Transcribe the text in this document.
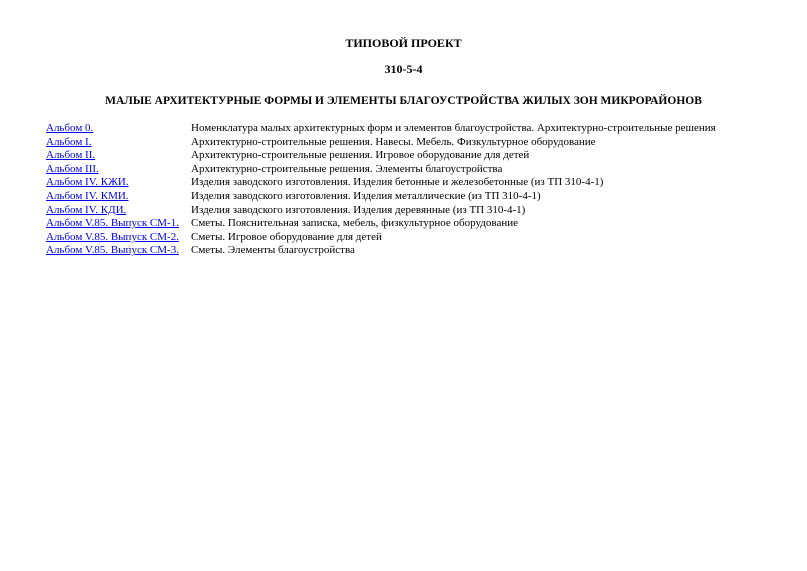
ТИПОВОЙ ПРОЕКТ
310-5-4
МАЛЫЕ АРХИТЕКТУРНЫЕ ФОРМЫ И ЭЛЕМЕНТЫ БЛАГОУСТРОЙСТВА ЖИЛЫХ ЗОН МИКРОРАЙОНОВ
Альбом 0.	Номенклатура малых архитектурных форм и элементов благоустройства. Архитектурно-строительные решения
Альбом I.	Архитектурно-строительные решения. Навесы. Мебель. Физкультурное оборудование
Альбом II.	Архитектурно-строительные решения. Игровое оборудование для детей
Альбом III.	Архитектурно-строительные решения. Элементы благоустройства
Альбом IV. КЖИ.	Изделия заводского изготовления. Изделия бетонные и железобетонные (из ТП 310-4-1)
Альбом IV. КМИ.	Изделия заводского изготовления. Изделия металлические (из ТП 310-4-1)
Альбом IV. КДИ.	Изделия заводского изготовления. Изделия деревянные (из ТП 310-4-1)
Альбом V.85. Выпуск СМ-1.	Сметы. Пояснительная записка, мебель, физкультурное оборудование
Альбом V.85. Выпуск СМ-2.	Сметы. Игровое оборудование для детей
Альбом V.85. Выпуск СМ-3.	Сметы. Элементы благоустройства
